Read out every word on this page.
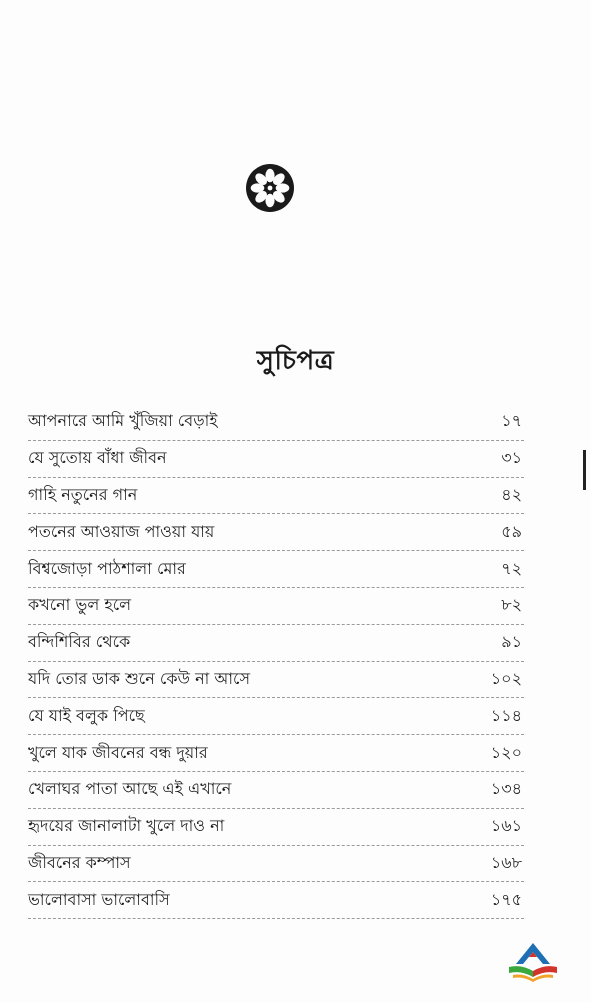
সুচিপত্র
আপনারে আমি খুঁজিয়া বেড়াই	১৭
যে সুতোয় বাঁধা জীবন	৩১
গাহি নতুনের গান	৪২
পতনের আওয়াজ পাওয়া যায়	৫৯
বিশ্বজোড়া পাঠশালা মোর	৭২
কখনো ভুল হলে	৮২
বন্দিশিবির থেকে	৯১
যদি তোর ডাক শুনে কেউ না আসে	১০২
যে যাই বলুক পিছে	১১৪
খুলে যাক জীবনের বন্ধ দুয়ার	১২০
খেলাঘর পাতা আছে এই এখানে	১৩৪
হৃদয়ের জানালাটা খুলে দাও না	১৬১
জীবনের কম্পাস	১৬৮
ভালোবাসা ভালোবাসি	১৭৫
